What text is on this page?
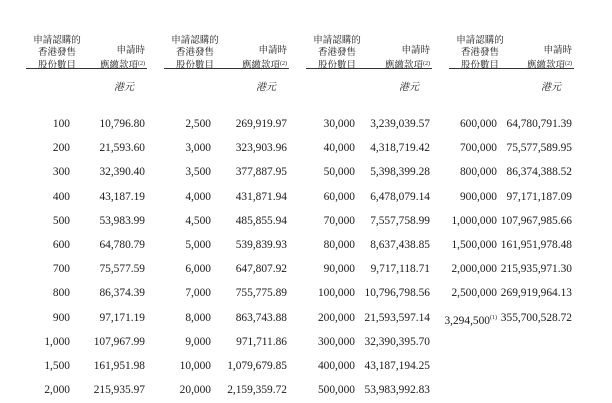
申請認購的
香港發售
股份數目
申請時
應繳款項$^{(2)}$
港元
100
200
300
400
500
600
700
800
900
1,000
1,500
2,000
10,796.80
21,593.60
32,390.40
43,187.19
53,983.99
64,780.79
75,577.59
86,374.39
97,171.19
107,967.99
161,951.98
215,935.97
申請認購的
香港發售
股份數目
申請時
應繳款項$^{(2)}$
港元
2,500
3,000
3,500
4,000
4,500
5,000
6,000
7,000
8,000
9,000
10,000
20,000
269,919.97
323,903.96
377,887.95
431,871.94
485,855.94
539,839.93
647,807.92
755,775.89
863,743.88
971,711.86
1,079,679.85
2,159,359.72
申請認購的
香港發售
股份數目
申請時
應繳款項$^{(2)}$
港元
30,000
40,000
50,000
60,000
70,000
80,000
90,000
100,000
200,000
300,000
400,000
500,000
3,239,039.57
4,318,719.42
5,398,399.28
6,478,079.14
7,557,758.99
8,637,438.85
9,717,118.71
10,796,798.56
21,593,597.14
32,390,395.70
43,187,194.25
53,983,992.83
申請認購的
香港發售
股份數目
申請時
應繳款項$^{(2)}$
港元
600,000
700,000
800,000
900,000
1,000,000
1,500,000
2,000,000
2,500,000
3,294,500$^{(1)}$
64,780,791.39
75,577,589.95
86,374,388.52
97,171,187.09
107,967,985.66
161,951,978.48
215,935,971.30
269,919,964.13
355,700,528.72
